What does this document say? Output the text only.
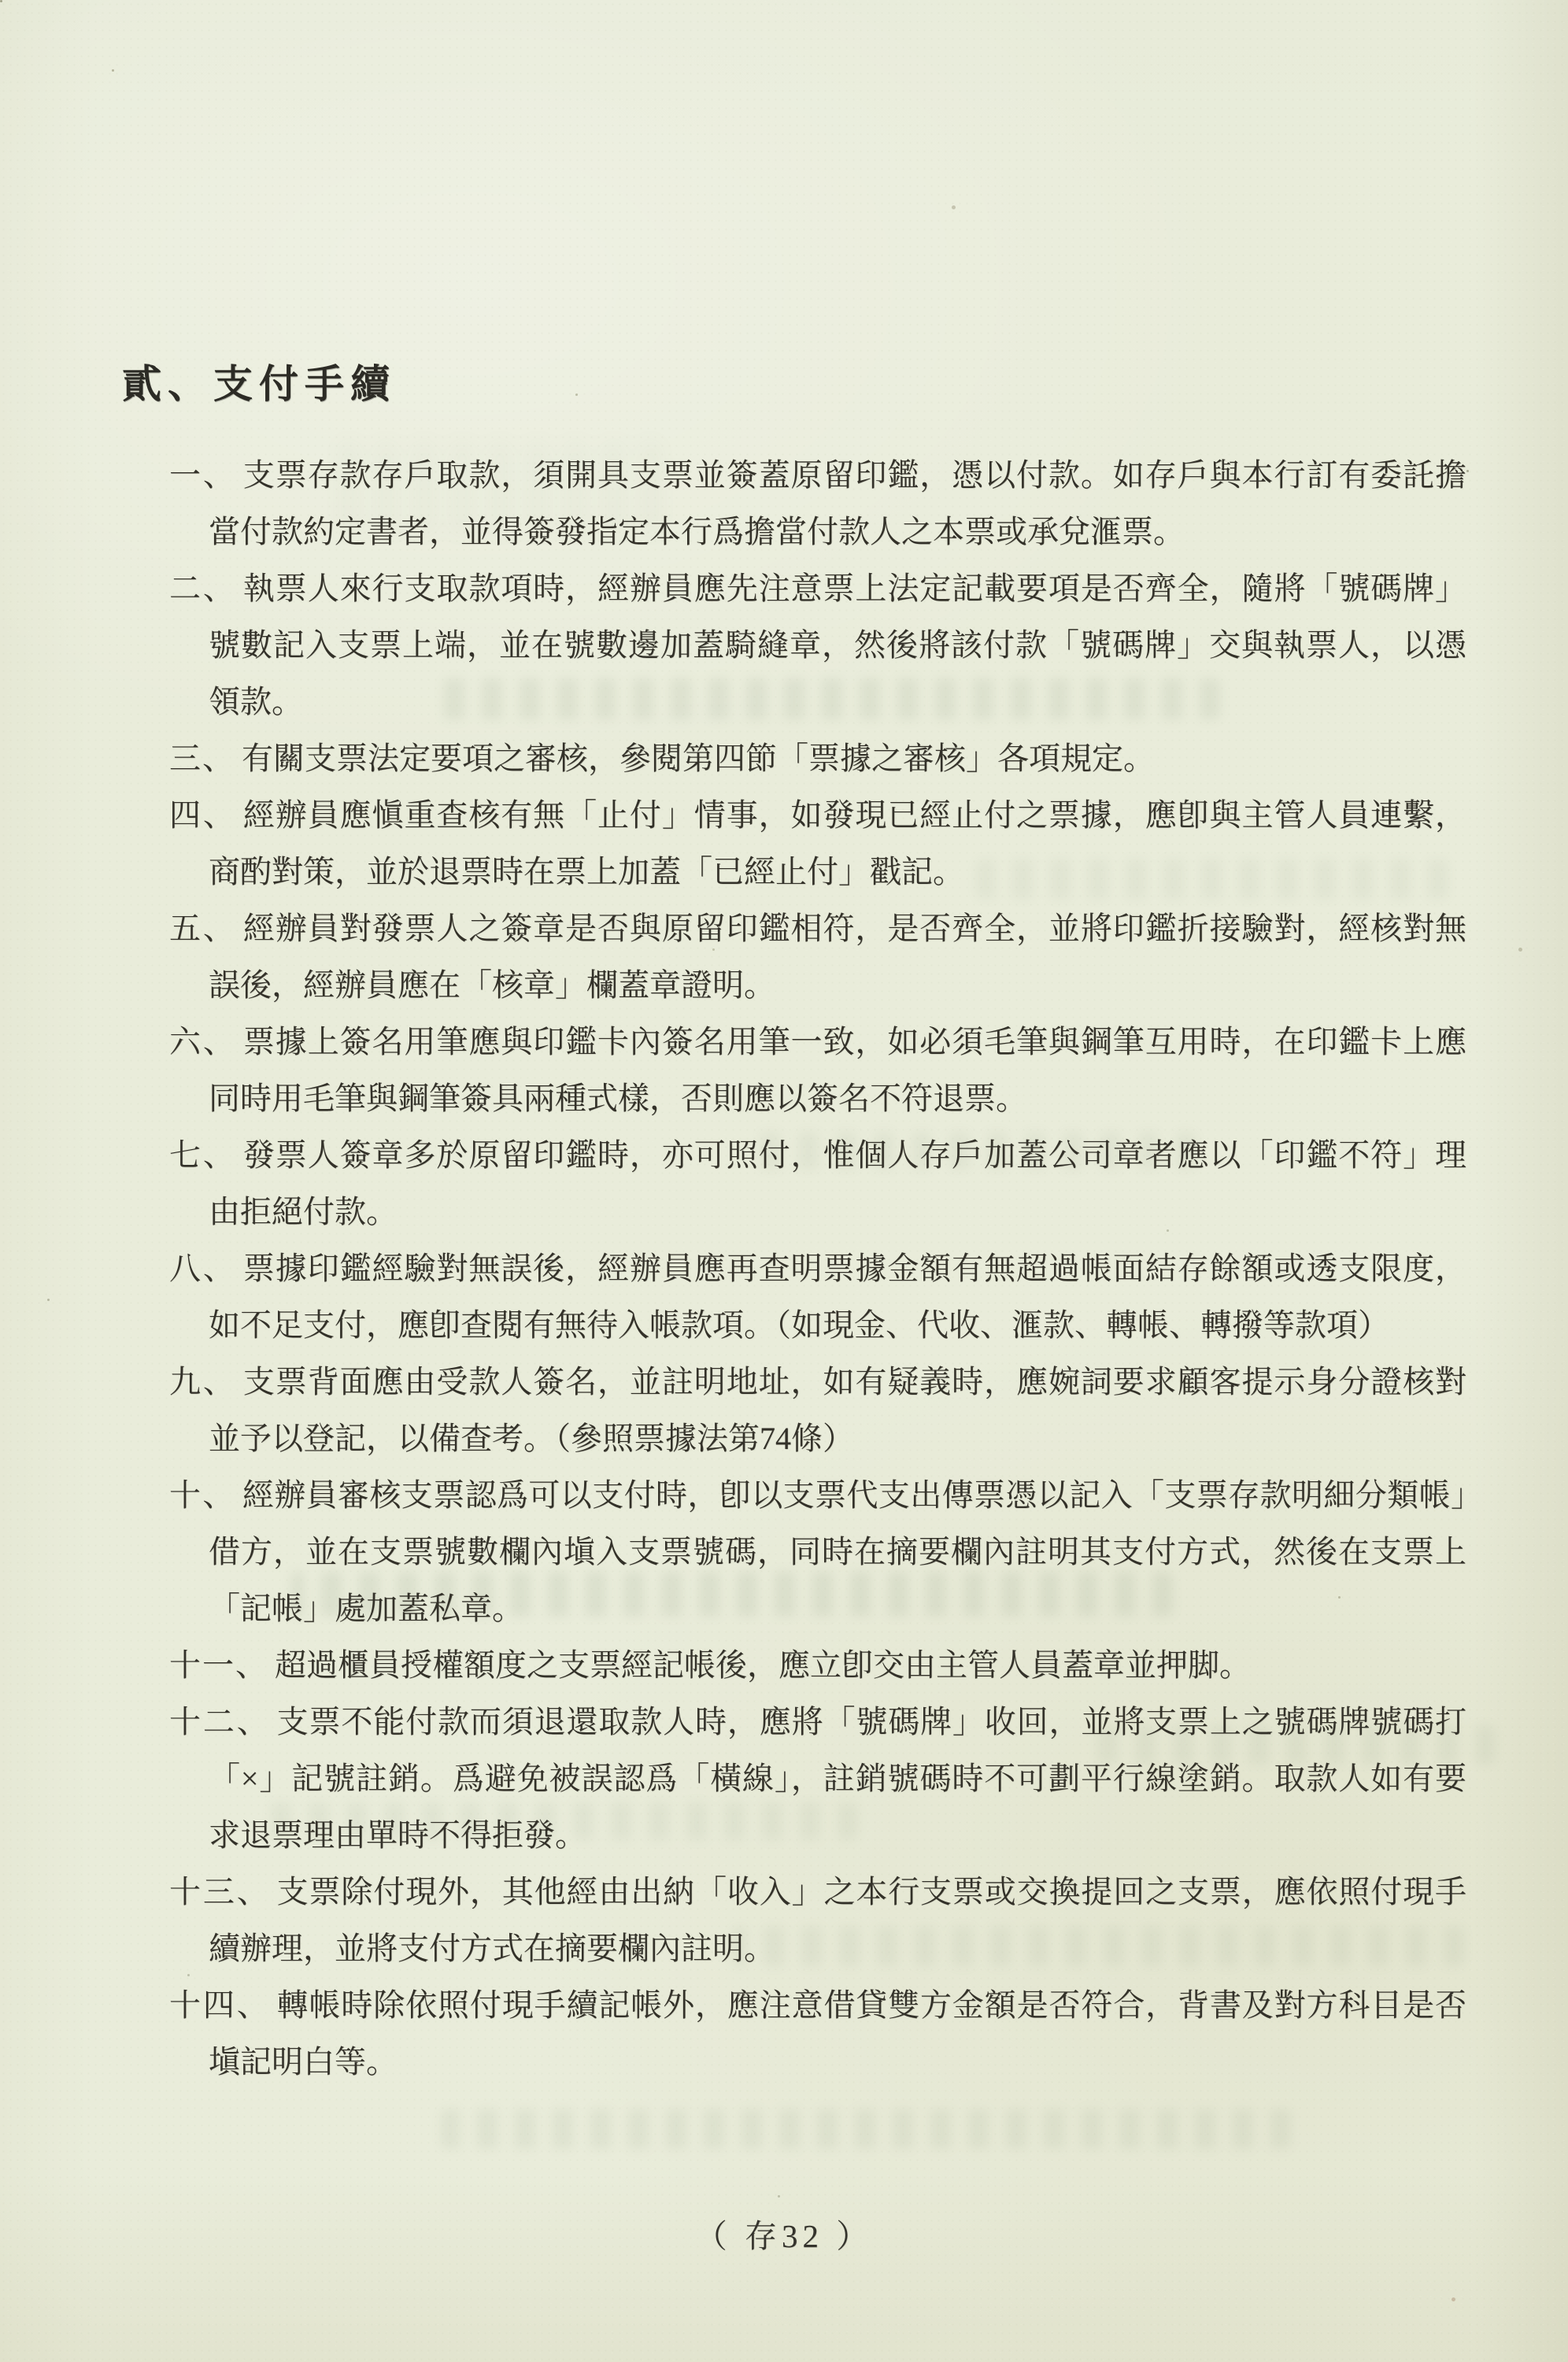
貳、支付手續
一、 支票存款存戶取款，須開具支票並簽蓋原留印鑑，憑以付款。如存戶與本行訂有委託擔當付款約定書者，並得簽發指定本行爲擔當付款人之本票或承兌滙票。
二、 執票人來行支取款項時，經辦員應先注意票上法定記載要項是否齊全，隨將「號碼牌」號數記入支票上端，並在號數邊加蓋騎縫章，然後將該付款「號碼牌」交與執票人，以憑領款。
三、 有關支票法定要項之審核，參閱第四節「票據之審核」各項規定。
四、 經辦員應愼重查核有無「止付」情事，如發現已經止付之票據，應卽與主管人員連繫，商酌對策，並於退票時在票上加蓋「已經止付」戳記。
五、 經辦員對發票人之簽章是否與原留印鑑相符，是否齊全，並將印鑑折接驗對，經核對無誤後，經辦員應在「核章」欄蓋章證明。
六、 票據上簽名用筆應與印鑑卡內簽名用筆一致，如必須毛筆與鋼筆互用時，在印鑑卡上應同時用毛筆與鋼筆簽具兩種式樣，否則應以簽名不符退票。
七、 發票人簽章多於原留印鑑時，亦可照付，惟個人存戶加蓋公司章者應以「印鑑不符」理由拒絕付款。
八、 票據印鑑經驗對無誤後，經辦員應再查明票據金額有無超過帳面結存餘額或透支限度，如不足支付，應卽查閱有無待入帳款項。（如現金、代收、滙款、轉帳、轉撥等款項）
九、 支票背面應由受款人簽名，並註明地址，如有疑義時，應婉詞要求顧客提示身分證核對並予以登記，以備查考。（參照票據法第74條）
十、 經辦員審核支票認爲可以支付時，卽以支票代支出傳票憑以記入「支票存款明細分類帳」借方，並在支票號數欄內塡入支票號碼，同時在摘要欄內註明其支付方式，然後在支票上「記帳」處加蓋私章。
十一、 超過櫃員授權額度之支票經記帳後，應立卽交由主管人員蓋章並押脚。
十二、 支票不能付款而須退還取款人時，應將「號碼牌」收回，並將支票上之號碼牌號碼打「×」記號註銷。爲避免被誤認爲「橫線」，註銷號碼時不可劃平行線塗銷。取款人如有要求退票理由單時不得拒發。
十三、 支票除付現外，其他經由出納「收入」之本行支票或交換提回之支票，應依照付現手續辦理，並將支付方式在摘要欄內註明。
十四、 轉帳時除依照付現手續記帳外，應注意借貸雙方金額是否符合，背書及對方科目是否塡記明白等。
（ 存32 ）
